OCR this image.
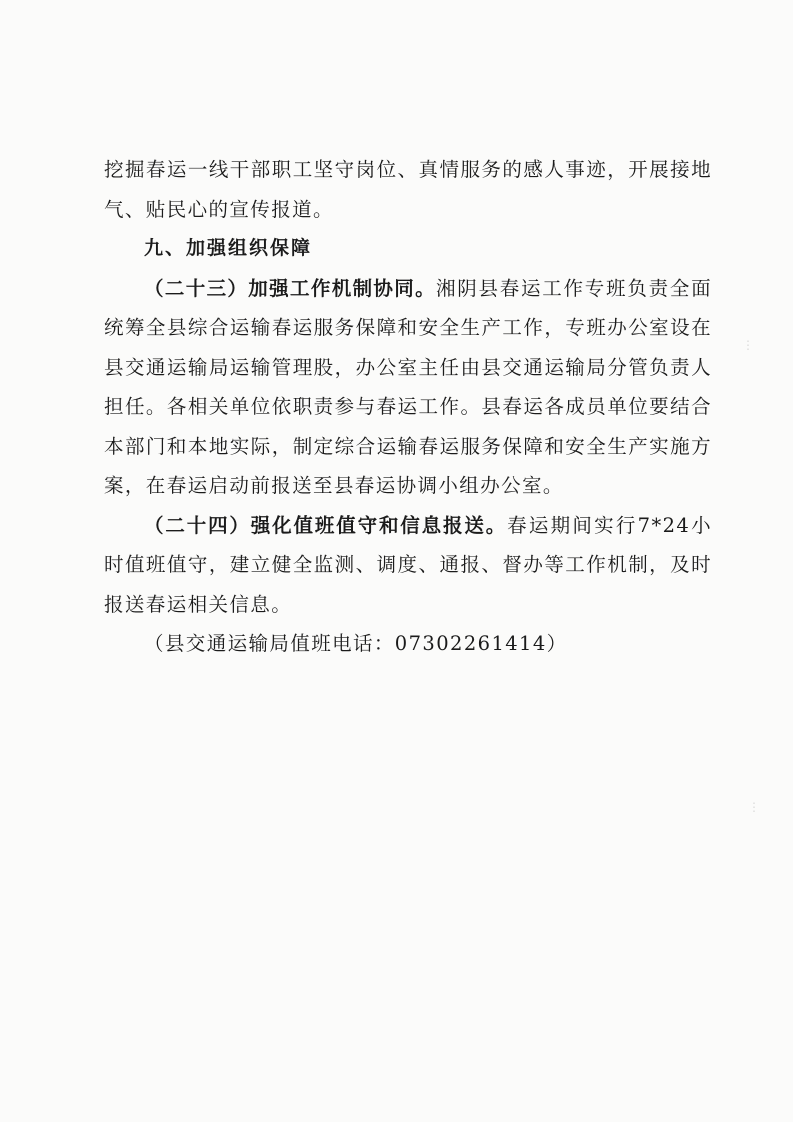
挖掘春运一线干部职工坚守岗位、真情服务的感人事迹，开展接地气、贴民心的宣传报道。

九、加强组织保障

（二十三）加强工作机制协同。湘阴县春运工作专班负责全面统筹全县综合运输春运服务保障和安全生产工作，专班办公室设在县交通运输局运输管理股，办公室主任由县交通运输局分管负责人担任。各相关单位依职责参与春运工作。县春运各成员单位要结合本部门和本地实际，制定综合运输春运服务保障和安全生产实施方案，在春运启动前报送至县春运协调小组办公室。

（二十四）强化值班值守和信息报送。春运期间实行7*24小时值班值守，建立健全监测、调度、通报、督办等工作机制，及时报送春运相关信息。

（县交通运输局值班电话：07302261414）

⋮
⋮
